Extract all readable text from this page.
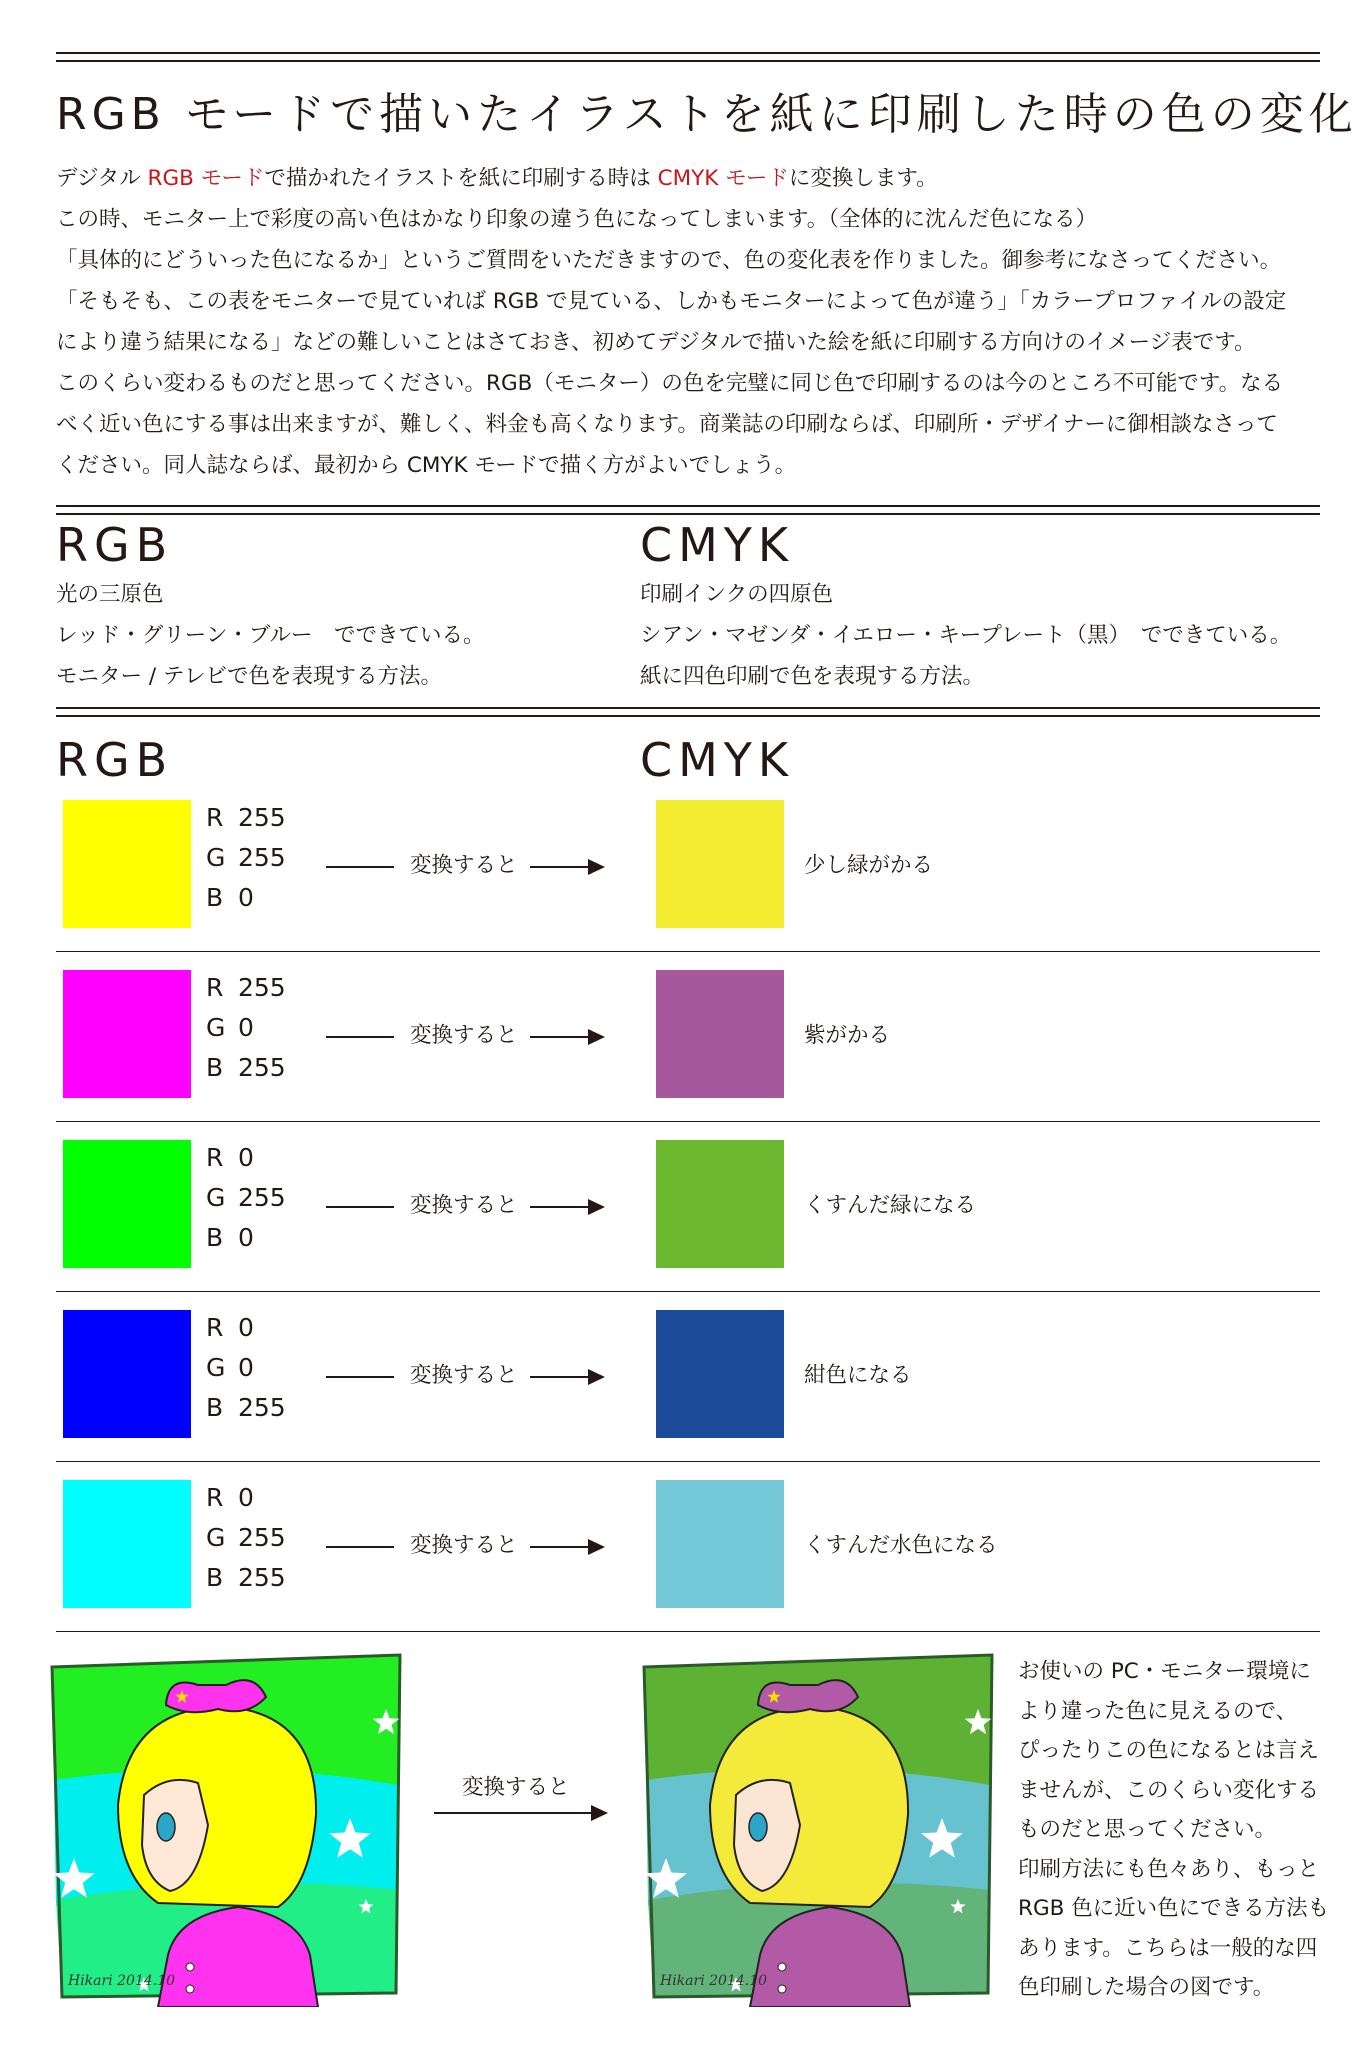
RGB モードで描いたイラストを紙に印刷した時の色の変化

デジタル RGB モードで描かれたイラストを紙に印刷する時は CMYK モードに変換します。

この時、モニター上で彩度の高い色はかなり印象の違う色になってしまいます。（全体的に沈んだ色になる）

「具体的にどういった色になるか」というご質問をいただきますので、色の変化表を作りました。御参考になさってください。

「そもそも、この表をモニターで見ていれば RGB で見ている、しかもモニターによって色が違う」「カラープロファイルの設定

により違う結果になる」などの難しいことはさておき、初めてデジタルで描いた絵を紙に印刷する方向けのイメージ表です。

このくらい変わるものだと思ってください。RGB（モニター）の色を完璧に同じ色で印刷するのは今のところ不可能です。なる

べく近い色にする事は出来ますが、難しく、料金も高くなります。商業誌の印刷ならば、印刷所・デザイナーに御相談なさって

ください。同人誌ならば、最初から CMYK モードで描く方がよいでしょう。

RGB

光の三原色

レッド・グリーン・ブルー　でできている。

モニター / テレビで色を表現する方法。

CMYK

印刷インクの四原色

シアン・マゼンダ・イエロー・キープレート（黒）　でできている。

紙に四色印刷で色を表現する方法。

RGB	CMYK
R 255
G 255
B 0
変換すると	少し緑がかる
R 255
G 0
B 255
変換すると	紫がかる
R 0
G 255
B 0
変換すると	くすんだ緑になる
R 0
G 0
B 255
変換すると	紺色になる
R 0
G 255
B 255
変換すると	くすんだ水色になる
Hikari 2014.10
変換すると
Hikari 2014.10

お使いの PC・モニター環境に

より違った色に見えるので、

ぴったりこの色になるとは言え

ませんが、このくらい変化する

ものだと思ってください。

印刷方法にも色々あり、もっと

RGB 色に近い色にできる方法も

あります。こちらは一般的な四

色印刷した場合の図です。
